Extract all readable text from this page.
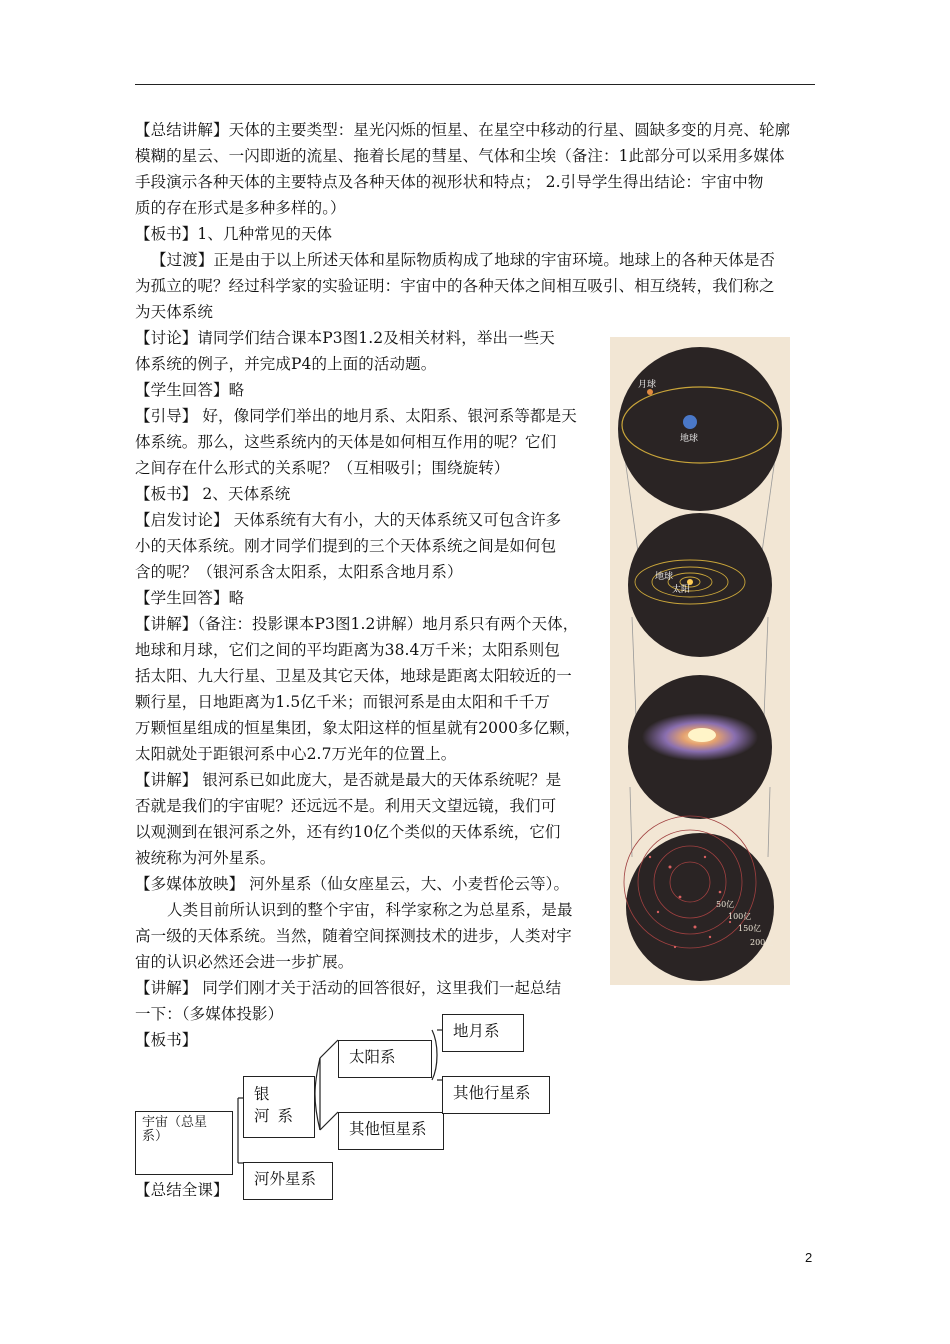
【总结讲解】天体的主要类型：星光闪烁的恒星、在星空中移动的行星、圆缺多变的月亮、轮廓
模糊的星云、一闪即逝的流星、拖着长尾的彗星、气体和尘埃（备注：1此部分可以采用多媒体
手段演示各种天体的主要特点及各种天体的视形状和特点； 2.引导学生得出结论：宇宙中物
质的存在形式是多种多样的。）
【板书】1、几种常见的天体
【过渡】正是由于以上所述天体和星际物质构成了地球的宇宙环境。地球上的各种天体是否
为孤立的呢？经过科学家的实验证明：宇宙中的各种天体之间相互吸引、相互绕转，我们称之
为天体系统
【讨论】请同学们结合课本P3图1.2及相关材料，举出一些天
体系统的例子，并完成P4的上面的活动题。
【学生回答】略
【引导】 好，像同学们举出的地月系、太阳系、银河系等都是天
体系统。那么，这些系统内的天体是如何相互作用的呢？它们
之间存在什么形式的关系呢？（互相吸引；围绕旋转）
【板书】 2、天体系统
【启发讨论】 天体系统有大有小，大的天体系统又可包含许多
小的天体系统。刚才同学们提到的三个天体系统之间是如何包
含的呢？（银河系含太阳系，太阳系含地月系）
【学生回答】略
【讲解】（备注：投影课本P3图1.2讲解）地月系只有两个天体，
地球和月球，它们之间的平均距离为38.4万千米；太阳系则包
括太阳、九大行星、卫星及其它天体，地球是距离太阳较近的一
颗行星，日地距离为1.5亿千米；而银河系是由太阳和千千万
万颗恒星组成的恒星集团，象太阳这样的恒星就有2000多亿颗，
太阳就处于距银河系中心2.7万光年的位置上。
【讲解】 银河系已如此庞大，是否就是最大的天体系统呢？是
否就是我们的宇宙呢？还远远不是。利用天文望远镜，我们可
以观测到在银河系之外，还有约10亿个类似的天体系统，它们
被统称为河外星系。
【多媒体放映】 河外星系（仙女座星云，大、小麦哲伦云等）。
人类目前所认识到的整个宇宙，科学家称之为总星系，是最
高一级的天体系统。当然，随着空间探测技术的进步，人类对宇
宙的认识必然还会进一步扩展。
【讲解】 同学们刚才关于活动的回答很好，这里我们一起总结
一下：（多媒体投影）
【板书】
【总结全课】
月球
地球
地球
太阳
50亿
100亿
150亿
200亿
宇宙（总星系）
银　河系
河外星系
太阳系
其他恒星系
地月系
其他行星系
2
